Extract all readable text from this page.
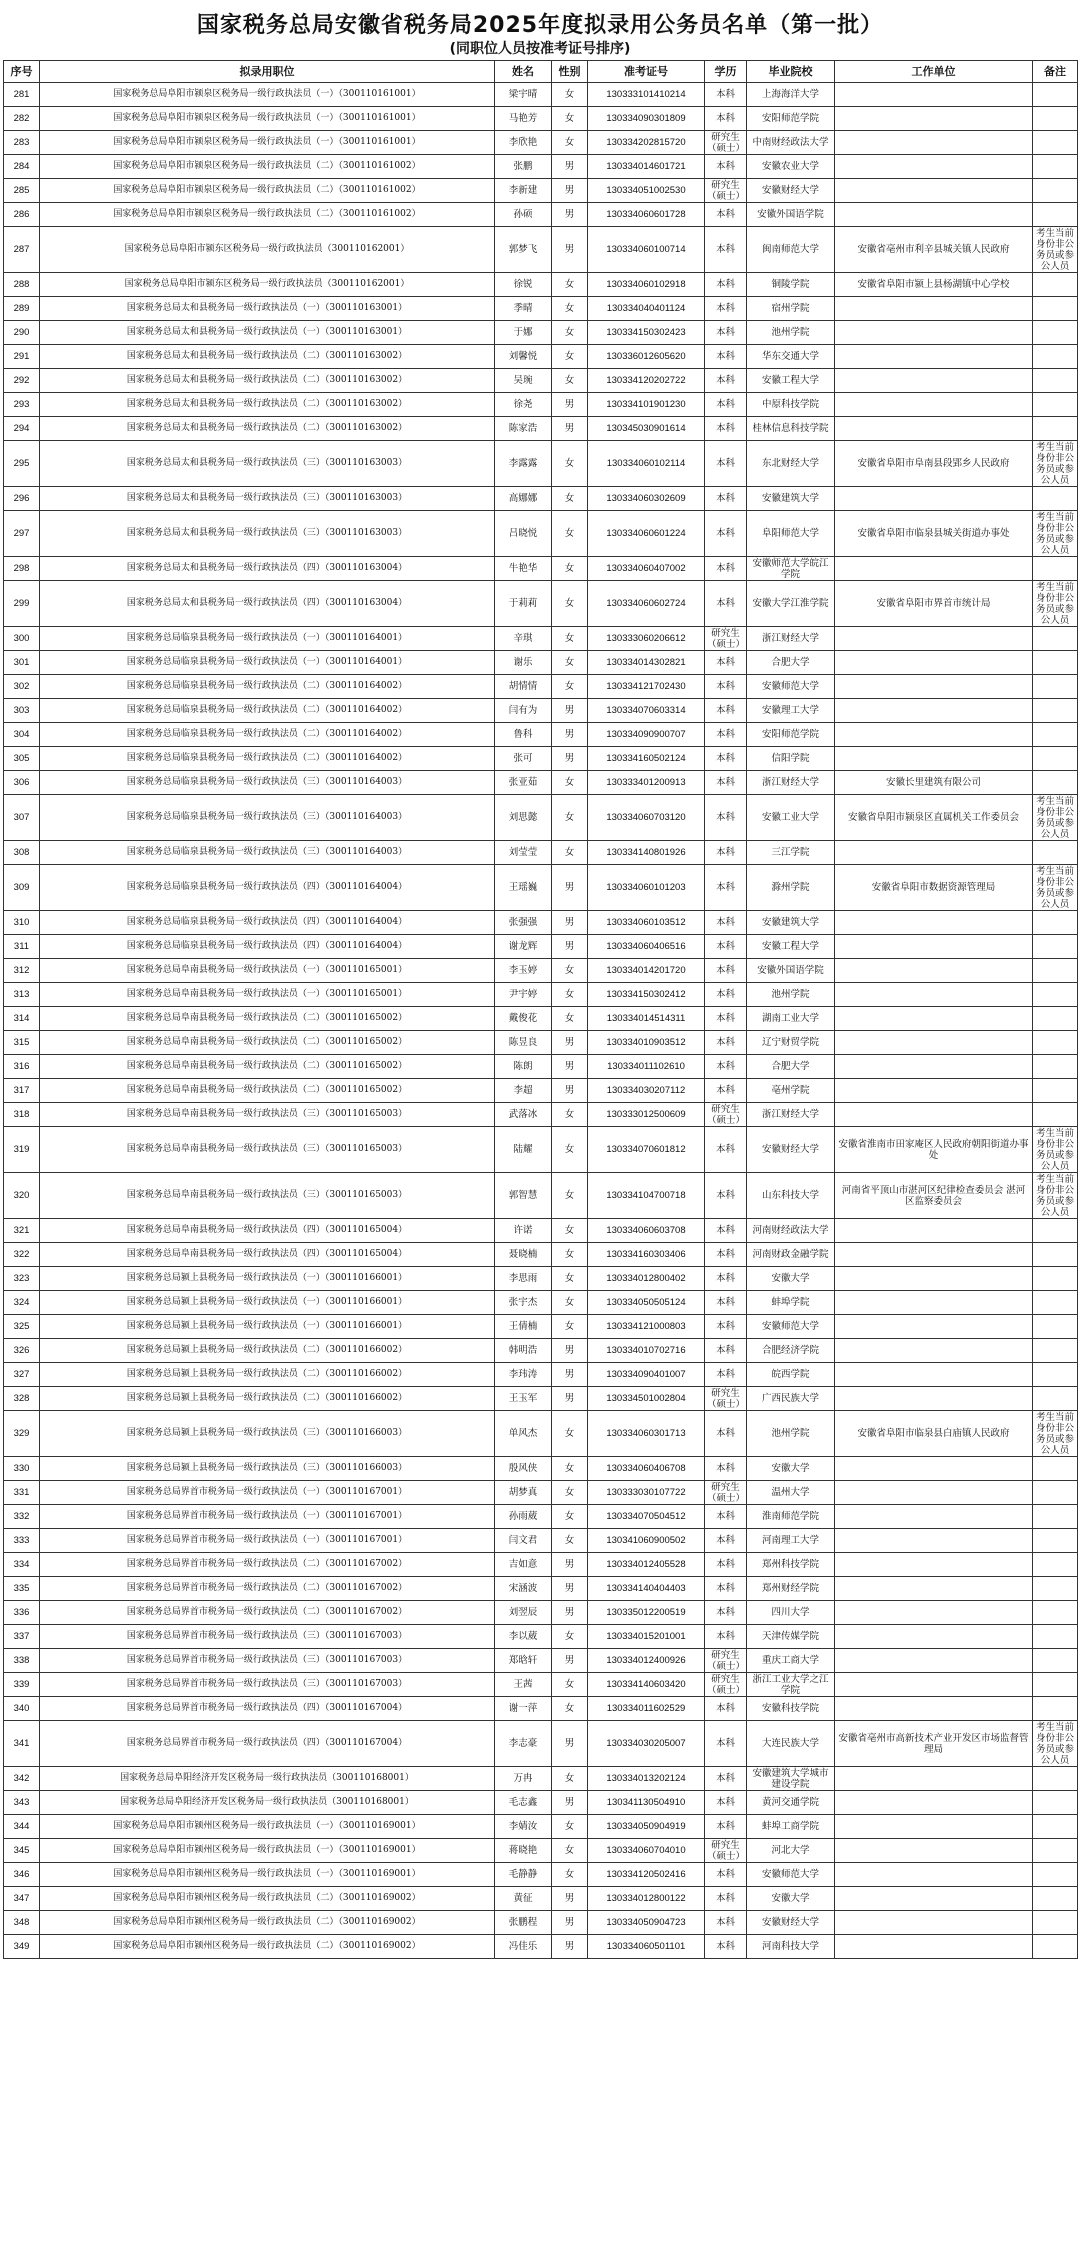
国家税务总局安徽省税务局2025年度拟录用公务员名单（第一批）
(同职位人员按准考证号排序)
序号	拟录用职位	姓名	性别	准考证号	学历	毕业院校	工作单位	备注
281	国家税务总局阜阳市颍泉区税务局一级行政执法员（一）（300110161001）	梁宇晴	女	130333101410214	本科	上海海洋大学		
282	国家税务总局阜阳市颍泉区税务局一级行政执法员（一）（300110161001）	马艳芳	女	130334090301809	本科	安阳师范学院		
283	国家税务总局阜阳市颍泉区税务局一级行政执法员（一）（300110161001）	李欣艳	女	130334202815720	研究生（硕士）	中南财经政法大学		
284	国家税务总局阜阳市颍泉区税务局一级行政执法员（二）（300110161002）	张鹏	男	130334014601721	本科	安徽农业大学		
285	国家税务总局阜阳市颍泉区税务局一级行政执法员（二）（300110161002）	李新建	男	130334051002530	研究生（硕士）	安徽财经大学		
286	国家税务总局阜阳市颍泉区税务局一级行政执法员（二）（300110161002）	孙硕	男	130334060601728	本科	安徽外国语学院		
287	国家税务总局阜阳市颍东区税务局一级行政执法员（300110162001）	郭梦飞	男	130334060100714	本科	闽南师范大学	安徽省亳州市利辛县城关镇人民政府	考生当前身份非公务员或参公人员
288	国家税务总局阜阳市颍东区税务局一级行政执法员（300110162001）	徐锐	女	130334060102918	本科	铜陵学院	安徽省阜阳市颍上县杨湖镇中心学校	
289	国家税务总局太和县税务局一级行政执法员（一）（300110163001）	季晴	女	130334040401124	本科	宿州学院		
290	国家税务总局太和县税务局一级行政执法员（一）（300110163001）	于娜	女	130334150302423	本科	池州学院		
291	国家税务总局太和县税务局一级行政执法员（二）（300110163002）	刘馨悦	女	130336012605620	本科	华东交通大学		
292	国家税务总局太和县税务局一级行政执法员（二）（300110163002）	吴琬	女	130334120202722	本科	安徽工程大学		
293	国家税务总局太和县税务局一级行政执法员（二）（300110163002）	徐尧	男	130334101901230	本科	中原科技学院		
294	国家税务总局太和县税务局一级行政执法员（二）（300110163002）	陈家浩	男	130345030901614	本科	桂林信息科技学院		
295	国家税务总局太和县税务局一级行政执法员（三）（300110163003）	李露露	女	130334060102114	本科	东北财经大学	安徽省阜阳市阜南县段郢乡人民政府	考生当前身份非公务员或参公人员
296	国家税务总局太和县税务局一级行政执法员（三）（300110163003）	高娜娜	女	130334060302609	本科	安徽建筑大学		
297	国家税务总局太和县税务局一级行政执法员（三）（300110163003）	吕晓悦	女	130334060601224	本科	阜阳师范大学	安徽省阜阳市临泉县城关街道办事处	考生当前身份非公务员或参公人员
298	国家税务总局太和县税务局一级行政执法员（四）（300110163004）	牛艳华	女	130334060407002	本科	安徽师范大学皖江学院		
299	国家税务总局太和县税务局一级行政执法员（四）（300110163004）	于莉莉	女	130334060602724	本科	安徽大学江淮学院	安徽省阜阳市界首市统计局	考生当前身份非公务员或参公人员
300	国家税务总局临泉县税务局一级行政执法员（一）（300110164001）	辛琪	女	130333060206612	研究生（硕士）	浙江财经大学		
301	国家税务总局临泉县税务局一级行政执法员（一）（300110164001）	谢乐	女	130334014302821	本科	合肥大学		
302	国家税务总局临泉县税务局一级行政执法员（二）（300110164002）	胡情情	女	130334121702430	本科	安徽师范大学		
303	国家税务总局临泉县税务局一级行政执法员（二）（300110164002）	闫有为	男	130334070603314	本科	安徽理工大学		
304	国家税务总局临泉县税务局一级行政执法员（二）（300110164002）	鲁科	男	130334090900707	本科	安阳师范学院		
305	国家税务总局临泉县税务局一级行政执法员（二）（300110164002）	张可	男	130334160502124	本科	信阳学院		
306	国家税务总局临泉县税务局一级行政执法员（三）（300110164003）	张亚茹	女	130333401200913	本科	浙江财经大学	安徽长里建筑有限公司	
307	国家税务总局临泉县税务局一级行政执法员（三）（300110164003）	刘思懿	女	130334060703120	本科	安徽工业大学	安徽省阜阳市颍泉区直属机关工作委员会	考生当前身份非公务员或参公人员
308	国家税务总局临泉县税务局一级行政执法员（三）（300110164003）	刘莹莹	女	130334140801926	本科	三江学院		
309	国家税务总局临泉县税务局一级行政执法员（四）（300110164004）	王瑶巍	男	130334060101203	本科	滁州学院	安徽省阜阳市数据资源管理局	考生当前身份非公务员或参公人员
310	国家税务总局临泉县税务局一级行政执法员（四）（300110164004）	张强强	男	130334060103512	本科	安徽建筑大学		
311	国家税务总局临泉县税务局一级行政执法员（四）（300110164004）	谢龙辉	男	130334060406516	本科	安徽工程大学		
312	国家税务总局阜南县税务局一级行政执法员（一）（300110165001）	李玉婷	女	130334014201720	本科	安徽外国语学院		
313	国家税务总局阜南县税务局一级行政执法员（一）（300110165001）	尹宇婷	女	130334150302412	本科	池州学院		
314	国家税务总局阜南县税务局一级行政执法员（二）（300110165002）	戴俊花	女	130334014514311	本科	湖南工业大学		
315	国家税务总局阜南县税务局一级行政执法员（二）（300110165002）	陈昱良	男	130334010903512	本科	辽宁财贸学院		
316	国家税务总局阜南县税务局一级行政执法员（二）（300110165002）	陈朗	男	130334011102610	本科	合肥大学		
317	国家税务总局阜南县税务局一级行政执法员（二）（300110165002）	李超	男	130334030207112	本科	亳州学院		
318	国家税务总局阜南县税务局一级行政执法员（三）（300110165003）	武落冰	女	130333012500609	研究生（硕士）	浙江财经大学		
319	国家税务总局阜南县税务局一级行政执法员（三）（300110165003）	陆耀	女	130334070601812	本科	安徽财经大学	安徽省淮南市田家庵区人民政府朝阳街道办事处	考生当前身份非公务员或参公人员
320	国家税务总局阜南县税务局一级行政执法员（三）（300110165003）	郭智慧	女	130334104700718	本科	山东科技大学	河南省平顶山市湛河区纪律检查委员会 湛河区监察委员会	考生当前身份非公务员或参公人员
321	国家税务总局阜南县税务局一级行政执法员（四）（300110165004）	许诺	女	130334060603708	本科	河南财经政法大学		
322	国家税务总局阜南县税务局一级行政执法员（四）（300110165004）	聂晓楠	女	130334160303406	本科	河南财政金融学院		
323	国家税务总局颍上县税务局一级行政执法员（一）（300110166001）	李思雨	女	130334012800402	本科	安徽大学		
324	国家税务总局颍上县税务局一级行政执法员（一）（300110166001）	张宇杰	女	130334050505124	本科	蚌埠学院		
325	国家税务总局颍上县税务局一级行政执法员（一）（300110166001）	王倩楠	女	130334121000803	本科	安徽师范大学		
326	国家税务总局颍上县税务局一级行政执法员（二）（300110166002）	韩明浩	男	130334010702716	本科	合肥经济学院		
327	国家税务总局颍上县税务局一级行政执法员（二）（300110166002）	李玮涛	男	130334090401007	本科	皖西学院		
328	国家税务总局颍上县税务局一级行政执法员（二）（300110166002）	王玉军	男	130334501002804	研究生（硕士）	广西民族大学		
329	国家税务总局颍上县税务局一级行政执法员（三）（300110166003）	单风杰	女	130334060301713	本科	池州学院	安徽省阜阳市临泉县白庙镇人民政府	考生当前身份非公务员或参公人员
330	国家税务总局颍上县税务局一级行政执法员（三）（300110166003）	殷风侠	女	130334060406708	本科	安徽大学		
331	国家税务总局界首市税务局一级行政执法员（一）（300110167001）	胡梦真	女	130333030107722	研究生（硕士）	温州大学		
332	国家税务总局界首市税务局一级行政执法员（一）（300110167001）	孙雨葳	女	130334070504512	本科	淮南师范学院		
333	国家税务总局界首市税务局一级行政执法员（一）（300110167001）	闫文君	女	130341060900502	本科	河南理工大学		
334	国家税务总局界首市税务局一级行政执法员（二）（300110167002）	吉如意	男	130334012405528	本科	郑州科技学院		
335	国家税务总局界首市税务局一级行政执法员（二）（300110167002）	宋涵波	男	130334140404403	本科	郑州财经学院		
336	国家税务总局界首市税务局一级行政执法员（二）（300110167002）	刘翌辰	男	130335012200519	本科	四川大学		
337	国家税务总局界首市税务局一级行政执法员（三）（300110167003）	李以葳	女	130334015201001	本科	天津传媒学院		
338	国家税务总局界首市税务局一级行政执法员（三）（300110167003）	郑晗轩	男	130334012400926	研究生（硕士）	重庆工商大学		
339	国家税务总局界首市税务局一级行政执法员（三）（300110167003）	王茜	女	130334140603420	研究生（硕士）	浙江工业大学之江学院		
340	国家税务总局界首市税务局一级行政执法员（四）（300110167004）	谢一萍	女	130334011602529	本科	安徽科技学院		
341	国家税务总局界首市税务局一级行政执法员（四）（300110167004）	李志豪	男	130334030205007	本科	大连民族大学	安徽省亳州市高新技术产业开发区市场监督管理局	考生当前身份非公务员或参公人员
342	国家税务总局阜阳经济开发区税务局一级行政执法员（300110168001）	万冉	女	130334013202124	本科	安徽建筑大学城市建设学院		
343	国家税务总局阜阳经济开发区税务局一级行政执法员（300110168001）	毛志鑫	男	130341130504910	本科	黄河交通学院		
344	国家税务总局阜阳市颍州区税务局一级行政执法员（一）（300110169001）	李婧汝	女	130334050904919	本科	蚌埠工商学院		
345	国家税务总局阜阳市颍州区税务局一级行政执法员（一）（300110169001）	蒋晓艳	女	130334060704010	研究生（硕士）	河北大学		
346	国家税务总局阜阳市颍州区税务局一级行政执法员（一）（300110169001）	毛静静	女	130334120502416	本科	安徽师范大学		
347	国家税务总局阜阳市颍州区税务局一级行政执法员（二）（300110169002）	黄征	男	130334012800122	本科	安徽大学		
348	国家税务总局阜阳市颍州区税务局一级行政执法员（二）（300110169002）	张鹏程	男	130334050904723	本科	安徽财经大学		
349	国家税务总局阜阳市颍州区税务局一级行政执法员（二）（300110169002）	冯佳乐	男	130334060501101	本科	河南科技大学		
